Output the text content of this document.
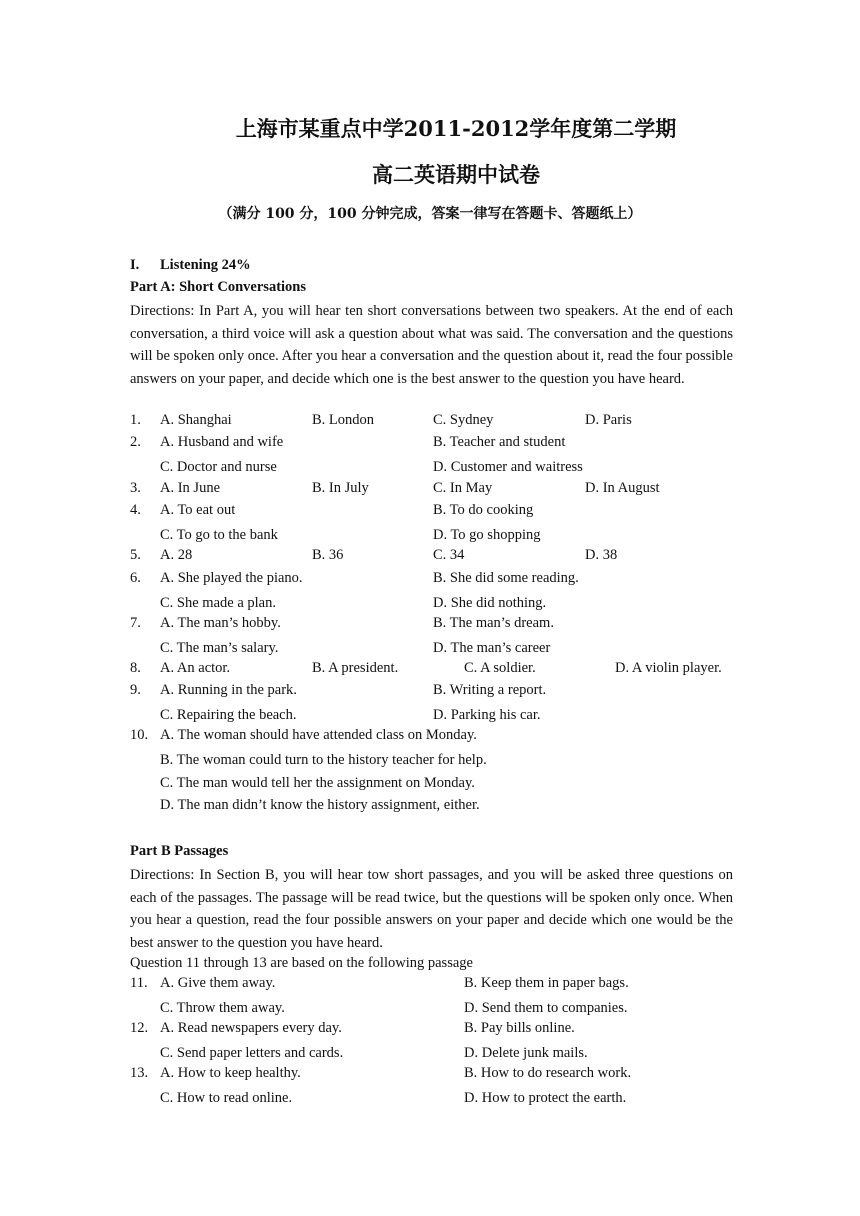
上海市某重点中学2011-2012学年度第二学期
高二英语期中试卷
（满分 100 分，100 分钟完成，答案一律写在答题卡、答题纸上）
I. Listening 24%
Part A: Short Conversations
Directions: In Part A, you will hear ten short conversations between two speakers. At the end of each conversation, a third voice will ask a question about what was said. The conversation and the questions will be spoken only once. After you hear a conversation and the question about it, read the four possible answers on your paper, and decide which one is the best answer to the question you have heard.
1. A. Shanghai	B. London	C. Sydney	D. Paris
2. A. Husband and wife	B. Teacher and student
C. Doctor and nurse	D. Customer and waitress
3. A. In June	B. In July	C. In May	D. In August
4. A. To eat out	B. To do cooking
C. To go to the bank	D. To go shopping
5. A. 28	B. 36	C. 34	D. 38
6. A. She played the piano.	B. She did some reading.
C. She made a plan.	D. She did nothing.
7. A. The man’s hobby.	B. The man’s dream.
C. The man’s salary.	D. The man’s career
8. A. An actor.	B. A president.	C. A soldier.	D. A violin player.
9. A. Running in the park.	B. Writing a report.
C. Repairing the beach.	D. Parking his car.
10. A. The woman should have attended class on Monday.
B. The woman could turn to the history teacher for help.
C. The man would tell her the assignment on Monday.
D. The man didn’t know the history assignment, either.
Part B Passages
Directions: In Section B, you will hear tow short passages, and you will be asked three questions on each of the passages. The passage will be read twice, but the questions will be spoken only once. When you hear a question, read the four possible answers on your paper and decide which one would be the best answer to the question you have heard.
Question 11 through 13 are based on the following passage
11. A. Give them away.	B. Keep them in paper bags.
C. Throw them away.	D. Send them to companies.
12. A. Read newspapers every day.	B. Pay bills online.
C. Send paper letters and cards.	D. Delete junk mails.
13. A. How to keep healthy.	B. How to do research work.
C. How to read online.	D. How to protect the earth.
